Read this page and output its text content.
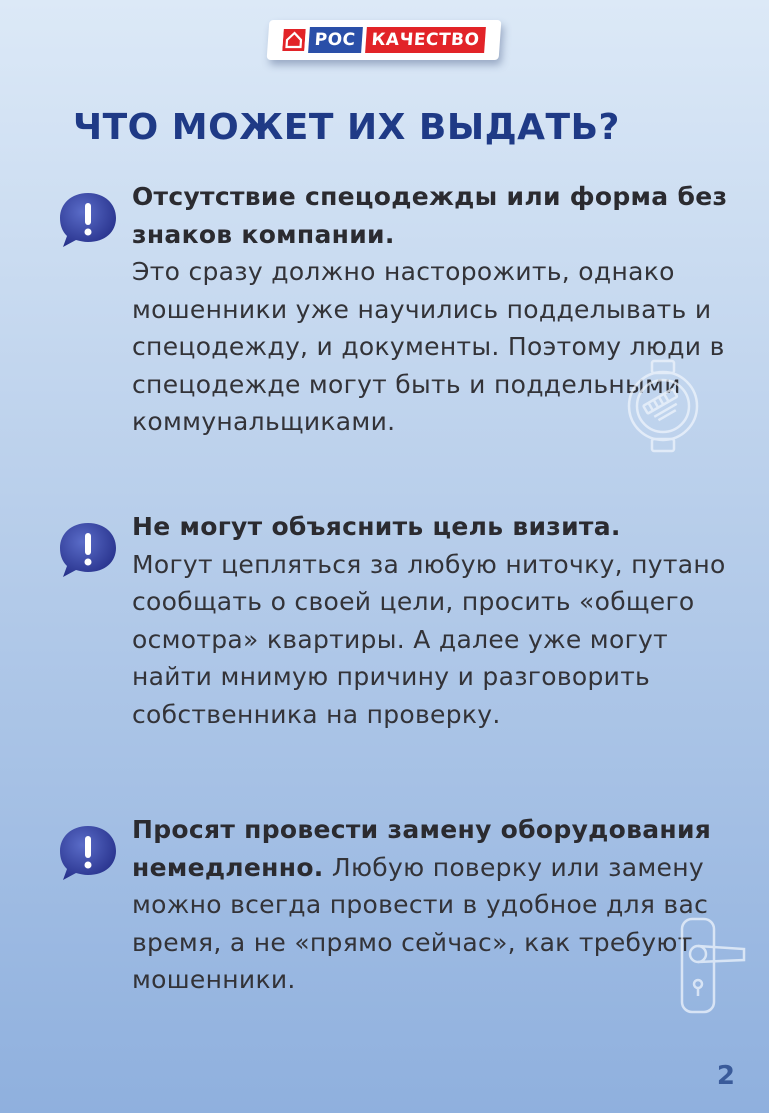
РОС КАЧЕСТВО
ЧТО МОЖЕТ ИХ ВЫДАТЬ?
Отсутствие спецодежды или форма без знаков компании.
Это сразу должно насторожить, однако мошенники уже научились подделывать и спецодежду, и документы. Поэтому люди в спецодежде могут быть и поддельными коммунальщиками.
Не могут объяснить цель визита.
Могут цепляться за любую ниточку, путано сообщать о своей цели, просить «общего осмотра» квартиры. А далее уже могут найти мнимую причину и разговорить собственника на проверку.
Просят провести замену оборудования немедленно. Любую поверку или замену можно всегда провести в удобное для вас время, а не «прямо сейчас», как требуют мошенники.
2
